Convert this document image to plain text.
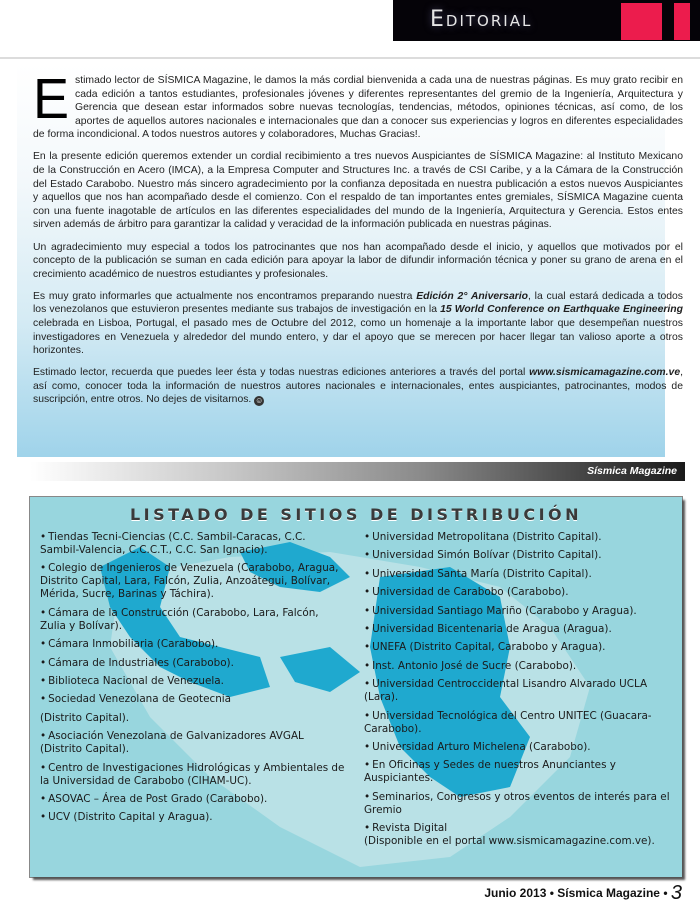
Editorial

Estimado lector de SÍSMICA Magazine, le damos la más cordial bienvenida a cada una de nuestras páginas. Es muy grato recibir en cada edición a tantos estudiantes, profesionales jóvenes y diferentes representantes del gremio de la Ingeniería, Arquitectura y Gerencia que desean estar informados sobre nuevas tecnologías, tendencias, métodos, opiniones técnicas, así como, de los aportes de aquellos autores nacionales e internacionales que dan a conocer sus experiencias y logros en diferentes especialidades de forma incondicional. A todos nuestros autores y colaboradores, Muchas Gracias!.

En la presente edición queremos extender un cordial recibimiento a tres nuevos Auspiciantes de SÍSMICA Magazine: al Instituto Mexicano de la Construcción en Acero (IMCA), a la Empresa Computer and Structures Inc. a través de CSI Caribe, y a la Cámara de la Construcción del Estado Carabobo. Nuestro más sincero agradecimiento por la confianza depositada en nuestra publicación a estos nuevos Auspiciantes y aquellos que nos han acompañado desde el comienzo. Con el respaldo de tan importantes entes gremiales, SÍSMICA Magazine cuenta con una fuente inagotable de artículos en las diferentes especialidades del mundo de la Ingeniería, Arquitectura y Gerencia. Estos entes sirven además de árbitro para garantizar la calidad y veracidad de la información publicada en nuestras páginas.

Un agradecimiento muy especial a todos los patrocinantes que nos han acompañado desde el inicio, y aquellos que motivados por el concepto de la publicación se suman en cada edición para apoyar la labor de difundir información técnica y poner su grano de arena en el crecimiento académico de nuestros estudiantes y profesionales.

Es muy grato informarles que actualmente nos encontramos preparando nuestra Edición 2° Aniversario, la cual estará dedicada a todos los venezolanos que estuvieron presentes mediante sus trabajos de investigación en la 15 World Conference on Earthquake Engineering celebrada en Lisboa, Portugal, el pasado mes de Octubre del 2012, como un homenaje a la importante labor que desempeñan nuestros investigadores en Venezuela y alrededor del mundo entero, y dar el apoyo que se merecen por hacer llegar tan valioso aporte a otros horizontes.

Estimado lector, recuerda que puedes leer ésta y todas nuestras ediciones anteriores a través del portal www.sismicamagazine.com.ve, así como, conocer toda la información de nuestros autores nacionales e internacionales, entes auspiciantes, patrocinantes, modos de suscripción, entre otros. No dejes de visitarnos. ☺

Sísmica Magazine
LISTADO DE SITIOS DE DISTRIBUCIÓN
• Tiendas Tecni-Ciencias (C.C. Sambil-Caracas, C.C. Sambil-Valencia, C.C.C.T., C.C. San Ignacio).
• Colegio de Ingenieros de Venezuela (Carabobo, Aragua, Distrito Capital, Lara, Falcón, Zulia, Anzoátegui, Bolívar, Mérida, Sucre, Barinas y Táchira).
• Cámara de la Construcción (Carabobo, Lara, Falcón, Zulia y Bolívar).
• Cámara Inmobiliaria (Carabobo).
• Cámara de Industriales (Carabobo).
• Biblioteca Nacional de Venezuela.
• Sociedad Venezolana de Geotecnia
(Distrito Capital).
• Asociación Venezolana de Galvanizadores AVGAL (Distrito Capital).
• Centro de Investigaciones Hidrológicas y Ambientales de la Universidad de Carabobo (CIHAM-UC).
• ASOVAC – Área de Post Grado (Carabobo).
• UCV (Distrito Capital y Aragua).
• Universidad Metropolitana (Distrito Capital).
• Universidad Simón Bolívar (Distrito Capital).
• Universidad Santa María (Distrito Capital).
• Universidad de Carabobo (Carabobo).
• Universidad Santiago Mariño (Carabobo y Aragua).
• Universidad Bicentenaria de Aragua (Aragua).
• UNEFA (Distrito Capital, Carabobo y Aragua).
• Inst. Antonio José de Sucre (Carabobo).
• Universidad Centroccidental Lisandro Alvarado UCLA (Lara).
• Universidad Tecnológica del Centro UNITEC (Guacara-Carabobo).
• Universidad Arturo Michelena (Carabobo).
• En Oficinas y Sedes de nuestros Anunciantes y Auspiciantes.
• Seminarios, Congresos y otros eventos de interés para el Gremio
• Revista Digital
(Disponible en el portal www.sismicamagazine.com.ve).
Junio 2013 • Sísmica Magazine • 3
